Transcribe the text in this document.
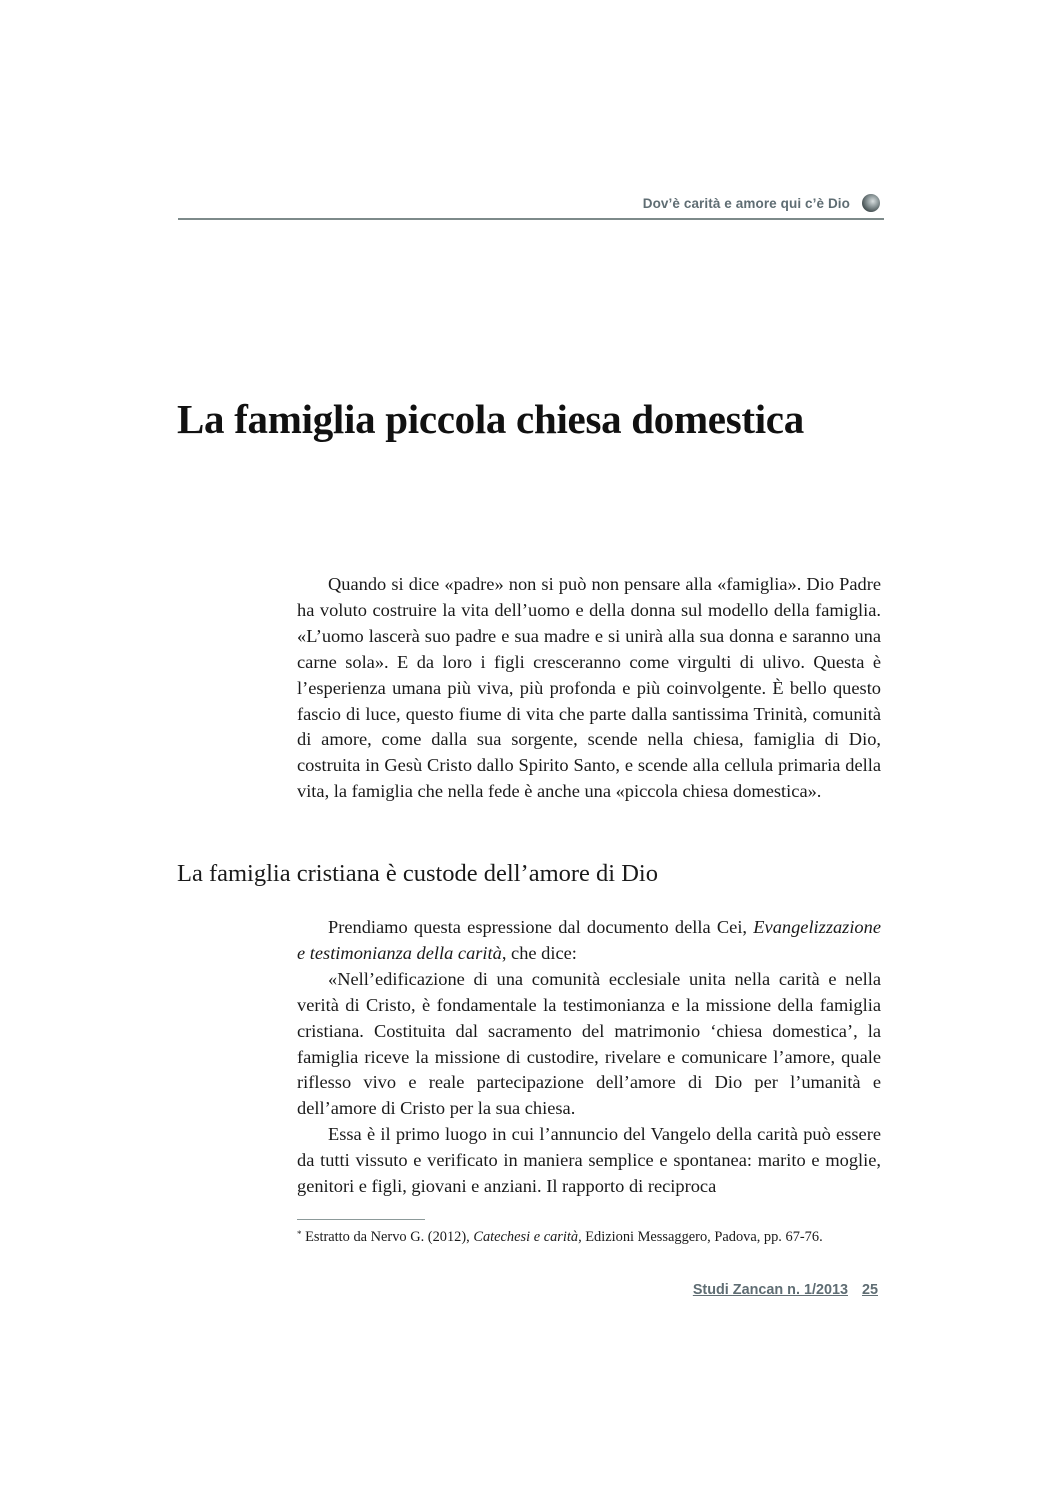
Dov’è carità e amore qui c’è Dio
La famiglia piccola chiesa domestica

Quando si dice «padre» non si può non pensare alla «famiglia». Dio Padre ha voluto costruire la vita dell’uomo e della donna sul modello della famiglia. «L’uomo lascerà suo padre e sua madre e si unirà alla sua donna e saranno una carne sola». E da loro i figli cresceranno come virgulti di ulivo. Questa è l’esperienza umana più viva, più profonda e più coinvolgente. È bello questo fascio di luce, questo fiume di vita che parte dalla santissima Trinità, comunità di amore, come dalla sua sorgente, scende nella chiesa, famiglia di Dio, costruita in Gesù Cristo dallo Spirito Santo, e scende alla cellula primaria della vita, la famiglia che nella fede è anche una «piccola chiesa domestica».

La famiglia cristiana è custode dell’amore di Dio

Prendiamo questa espressione dal documento della Cei, Evangelizzazione e testimonianza della carità, che dice:

«Nell’edificazione di una comunità ecclesiale unita nella carità e nella verità di Cristo, è fondamentale la testimonianza e la missione della famiglia cristiana. Costituita dal sacramento del matrimonio ‘chiesa domestica’, la famiglia riceve la missione di custodire, rivelare e comunicare l’amore, quale riflesso vivo e reale partecipazione dell’amore di Dio per l’umanità e dell’amore di Cristo per la sua chiesa.

Essa è il primo luogo in cui l’annuncio del Vangelo della carità può essere da tutti vissuto e verificato in maniera semplice e spontanea: marito e moglie, genitori e figli, giovani e anziani. Il rapporto di reciproca

* Estratto da Nervo G. (2012), Catechesi e carità, Edizioni Messaggero, Padova, pp. 67-76.
Studi Zancan n. 1/2013 25
